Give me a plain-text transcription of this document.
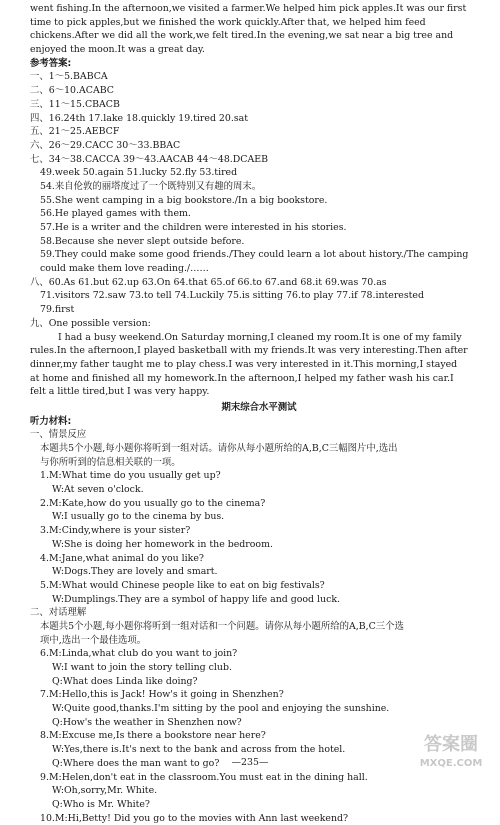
went fishing.In the afternoon,we visited a farmer.We helped him pick apples.It was our first
time to pick apples,but we finished the work quickly.After that, we helped him feed
chickens.After we did all the work,we felt tired.In the evening,we sat near a big tree and
enjoyed the moon.It was a great day.
参考答案:
一、1～5.BABCA
二、6～10.ACABC
三、11～15.CBACB
四、16.24th 17.lake 18.quickly 19.tired 20.sat
五、21～25.AEBCF
六、26～29.CACC 30～33.BBAC
七、34～38.CACCA 39～43.AACAB 44～48.DCAEB
49.week 50.again 51.lucky 52.fly 53.tired
54.来自伦敦的丽塔度过了一个既特别又有趣的周末。
55.She went camping in a big bookstore./In a big bookstore.
56.He played games with them.
57.He is a writer and the children were interested in his stories.
58.Because she never slept outside before.
59.They could make some good friends./They could learn a lot about history./The camping
could make them love reading./……
八、60.As 61.but 62.up 63.On 64.that 65.of 66.to 67.and 68.it 69.was 70.as
71.visitors 72.saw 73.to tell 74.Luckily 75.is sitting 76.to play 77.if 78.interested
79.first
九、One possible version:
I had a busy weekend.On Saturday morning,I cleaned my room.It is one of my family
rules.In the afternoon,I played basketball with my friends.It was very interesting.Then after
dinner,my father taught me to play chess.I was very interested in it.This morning,I stayed
at home and finished all my homework.In the afternoon,I helped my father wash his car.I
felt a little tired,but I was very happy.
期末综合水平测试
听力材料:
一、情景反应
本题共5个小题,每小题你将听到一组对话。请你从每小题所给的A,B,C三幅图片中,选出
与你所听到的信息相关联的一项。
1.M:What time do you usually get up?
W:At seven o'clock.
2.M:Kate,how do you usually go to the cinema?
W:I usually go to the cinema by bus.
3.M:Cindy,where is your sister?
W:She is doing her homework in the bedroom.
4.M:Jane,what animal do you like?
W:Dogs.They are lovely and smart.
5.M:What would Chinese people like to eat on big festivals?
W:Dumplings.They are a symbol of happy life and good luck.
二、对话理解
本题共5个小题,每小题你将听到一组对话和一个问题。请你从每小题所给的A,B,C三个选
项中,选出一个最佳选项。
6.M:Linda,what club do you want to join?
W:I want to join the story telling club.
Q:What does Linda like doing?
7.M:Hello,this is Jack! How's it going in Shenzhen?
W:Quite good,thanks.I'm sitting by the pool and enjoying the sunshine.
Q:How's the weather in Shenzhen now?
8.M:Excuse me,Is there a bookstore near here?
W:Yes,there is.It's next to the bank and across from the hotel.
Q:Where does the man want to go?
9.M:Helen,don't eat in the classroom.You must eat in the dining hall.
W:Oh,sorry,Mr. White.
Q:Who is Mr. White?
10.M:Hi,Betty! Did you go to the movies with Ann last weekend?
—235—
答案圈
MXQE.COM
